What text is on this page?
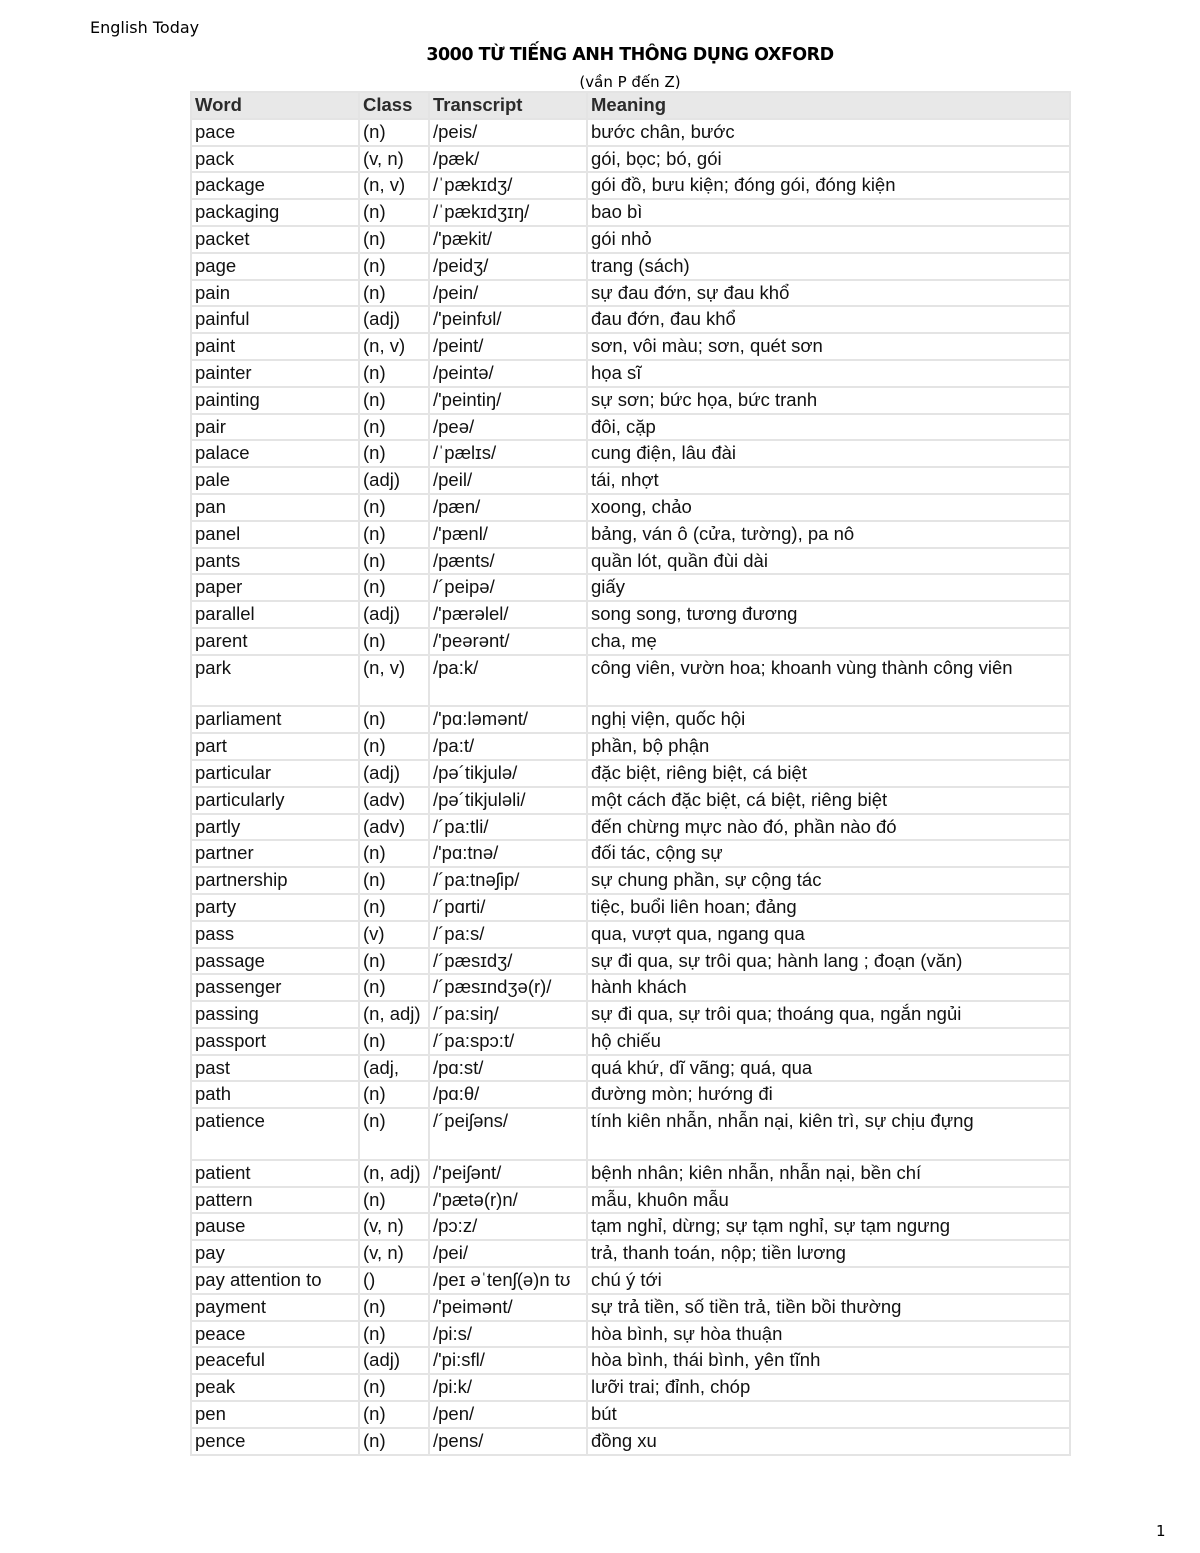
English Today
3000 TỪ TIẾNG ANH THÔNG DỤNG OXFORD
(vần P đến Z)
Word	Class	Transcript	Meaning
pace	(n)	/peis/	bước chân, bước
pack	(v, n)	/pæk/	gói, bọc; bó, gói
package	(n, v)	/ˈpækɪdʒ/	gói đồ, bưu kiện; đóng gói, đóng kiện
packaging	(n)	/ˈpækɪdʒɪŋ/	bao bì
packet	(n)	/'pækit/	gói nhỏ
page	(n)	/peidʒ/	trang (sách)
pain	(n)	/pein/	sự đau đớn, sự đau khổ
painful	(adj)	/'peinfʊl/	đau đớn, đau khổ
paint	(n, v)	/peint/	sơn, vôi màu; sơn, quét sơn
painter	(n)	/peintə/	họa sĩ
painting	(n)	/'peintiŋ/	sự sơn; bức họa, bức tranh
pair	(n)	/peə/	đôi, cặp
palace	(n)	/ˈpælɪs/	cung điện, lâu đài
pale	(adj)	/peil/	tái, nhợt
pan	(n)	/pæn/	xoong, chảo
panel	(n)	/'pænl/	bảng, ván ô (cửa, tường), pa nô
pants	(n)	/pænts/	quần lót, quần đùi dài
paper	(n)	/´peipə/	giấy
parallel	(adj)	/'pærəlel/	song song, tương đương
parent	(n)	/'peərənt/	cha, mẹ
park	(n, v)	/pa:k/	công viên, vườn hoa; khoanh vùng thành công viên
parliament	(n)	/'pɑ:ləmənt/	nghị viện, quốc hội
part	(n)	/pa:t/	phần, bộ phận
particular	(adj)	/pə´tikjulə/	đặc biệt, riêng biệt, cá biệt
particularly	(adv)	/pə´tikjuləli/	một cách đặc biệt, cá biệt, riêng biệt
partly	(adv)	/´pa:tli/	đến chừng mực nào đó, phần nào đó
partner	(n)	/'pɑ:tnə/	đối tác, cộng sự
partnership	(n)	/´pa:tnəʃip/	sự chung phần, sự cộng tác
party	(n)	/´pɑrti/	tiệc, buổi liên hoan; đảng
pass	(v)	/´pa:s/	qua, vượt qua, ngang qua
passage	(n)	/´pæsɪdʒ/	sự đi qua, sự trôi qua; hành lang ; đoạn (văn)
passenger	(n)	/´pæsɪndʒə(r)/	hành khách
passing	(n, adj)	/´pa:siŋ/	sự đi qua, sự trôi qua; thoáng qua, ngắn ngủi
passport	(n)	/´pa:spɔ:t/	hộ chiếu
past	(adj,	/pɑ:st/	quá khứ, dĩ vãng; quá, qua
path	(n)	/pɑ:θ/	đường mòn; hướng đi
patience	(n)	/´peiʃəns/	tính kiên nhẫn, nhẫn nại, kiên trì, sự chịu đựng
patient	(n, adj)	/'peiʃənt/	bệnh nhân; kiên nhẫn, nhẫn nại, bền chí
pattern	(n)	/'pætə(r)n/	mẫu, khuôn mẫu
pause	(v, n)	/pɔ:z/	tạm nghỉ, dừng; sự tạm nghỉ, sự tạm ngưng
pay	(v, n)	/pei/	trả, thanh toán, nộp; tiền lương
pay attention to	()	/peɪ əˈtenʃ(ə)n tʊ	chú ý tới
payment	(n)	/'peimənt/	sự trả tiền, số tiền trả, tiền bồi thường
peace	(n)	/pi:s/	hòa bình, sự hòa thuận
peaceful	(adj)	/'pi:sfl/	hòa bình, thái bình, yên tĩnh
peak	(n)	/pi:k/	lưỡi trai; đỉnh, chóp
pen	(n)	/pen/	bút
pence	(n)	/pens/	đồng xu
1
